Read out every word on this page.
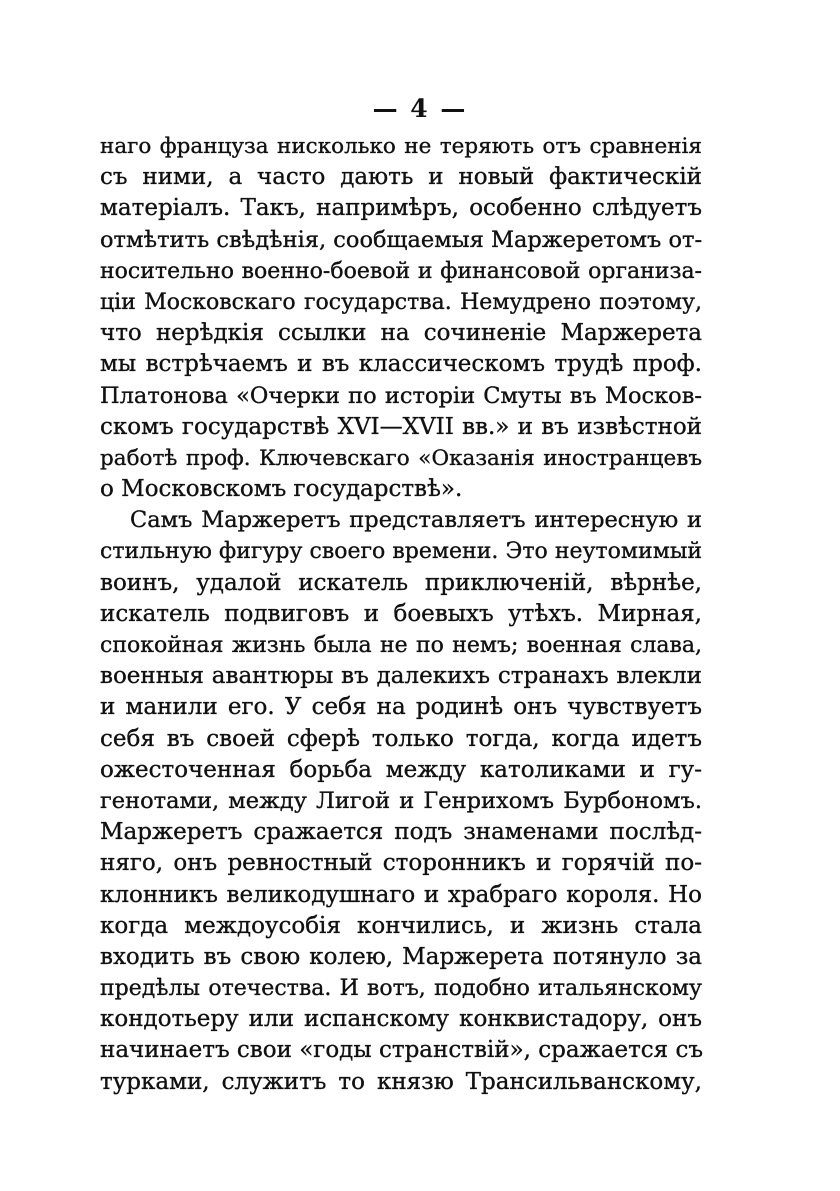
— 4 —
наго француза нисколько не теряють отъ сравненія
съ ними, а часто дають и новый фактическій
матеріалъ. Такъ, напримѣръ, особенно слѣдуетъ
отмѣтить свѣдѣнія, сообщаемыя Маржеретомъ от-
носительно военно-боевой и финансовой организа-
ціи Московскаго государства. Немудрено поэтому,
что нерѣдкія ссылки на сочиненіе Маржерета
мы встрѣчаемъ и въ классическомъ трудѣ проф.
Платонова «Очерки по исторіи Смуты въ Москов-
скомъ государствѣ XVI—XVII вв.» и въ извѣстной
работѣ проф. Ключевскаго «Оказанія иностранцевъ
о Московскомъ государствѣ».
Самъ Маржеретъ представляетъ интересную и
стильную фигуру своего времени. Это неутомимый
воинъ, удалой искатель приключеній, вѣрнѣе,
искатель подвиговъ и боевыхъ утѣхъ. Мирная,
спокойная жизнь была не по немъ; военная слава,
военныя авантюры въ далекихъ странахъ влекли
и манили его. У себя на родинѣ онъ чувствуетъ
себя въ своей сферѣ только тогда, когда идетъ
ожесточенная борьба между католиками и гу-
генотами, между Лигой и Генрихомъ Бурбономъ.
Маржеретъ сражается подъ знаменами послѣд-
няго, онъ ревностный сторонникъ и горячій по-
клонникъ великодушнаго и храбраго короля. Но
когда междоусобія кончились, и жизнь стала
входить въ свою колею, Маржерета потянуло за
предѣлы отечества. И вотъ, подобно итальянскому
кондотьеру или испанскому конквистадору, онъ
начинаетъ свои «годы странствій», сражается съ
турками, служитъ то князю Трансильванскому,
